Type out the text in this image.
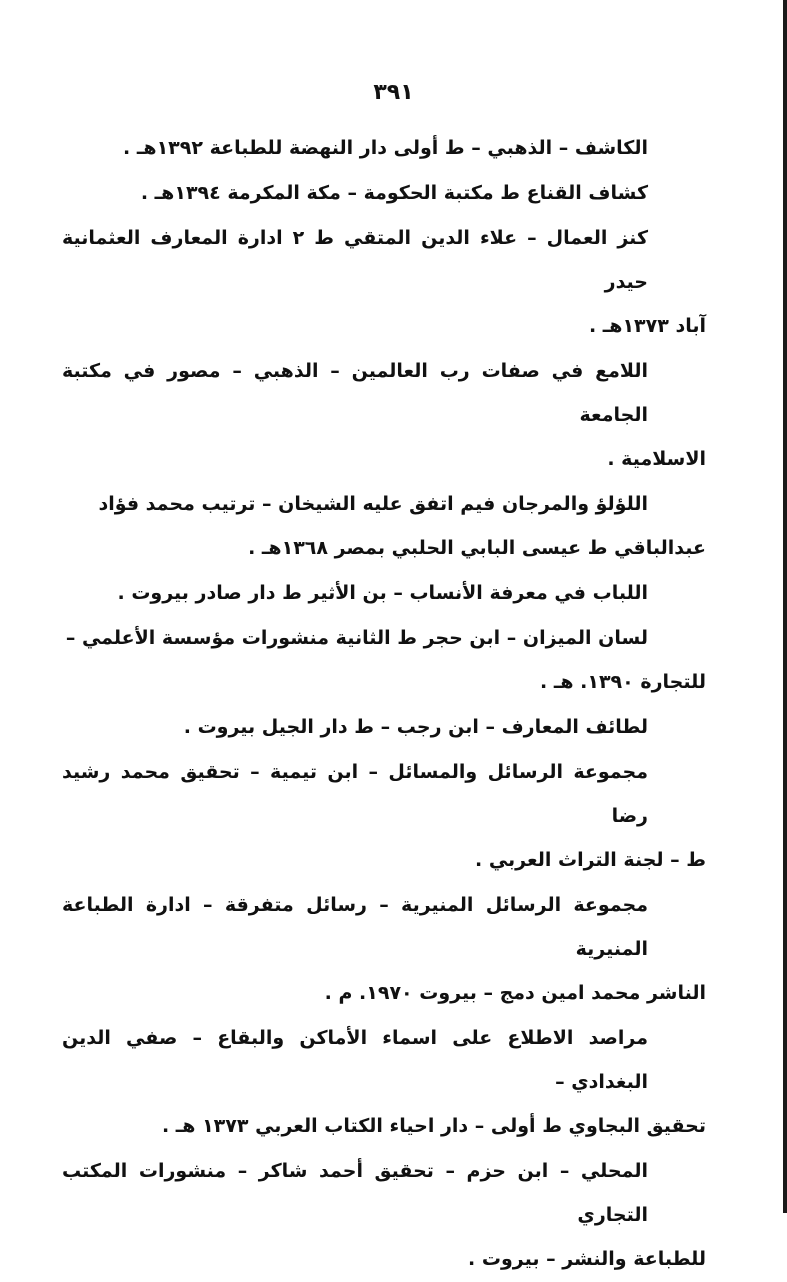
٣٩١

الكاشف – الذهبي – ط أولى دار النهضة للطباعة ١٣٩٢هـ .

كشاف القناع ط مكتبة الحكومة – مكة المكرمة ١٣٩٤هـ .

كنز العمال – علاء الدين المتقي ط ٢ ادارة المعارف العثمانية حيدر
آباد ١٣٧٣هـ .

اللامع في صفات رب العالمين – الذهبي – مصور في مكتبة الجامعة
الاسلامية .

اللؤلؤ والمرجان فيم اتفق عليه الشيخان – ترتيب محمد فؤاد
عبدالباقي ط عيسى البابي الحلبي بمصر ١٣٦٨هـ .

اللباب في معرفة الأنساب – بن الأثير ط دار صادر بيروت .

لسان الميزان – ابن حجر ط الثانية منشورات مؤسسة الأعلمي –
للتجارة ١٣٩٠. هـ .

لطائف المعارف – ابن رجب – ط دار الجيل بيروت .

مجموعة الرسائل والمسائل – ابن تيمية – تحقيق محمد رشيد رضا
ط – لجنة التراث العربي .

مجموعة الرسائل المنيرية – رسائل متفرقة – ادارة الطباعة المنيرية
الناشر محمد امين دمج – بيروت ١٩٧٠. م .

مراصد الاطلاع على اسماء الأماكن والبقاع – صفي الدين البغدادي –
تحقيق البجاوي ط أولى – دار احياء الكتاب العربي ١٣٧٣ هـ .

المحلي – ابن حزم – تحقيق أحمد شاكر – منشورات المكتب التجاري
للطباعة والنشر – بيروت .
